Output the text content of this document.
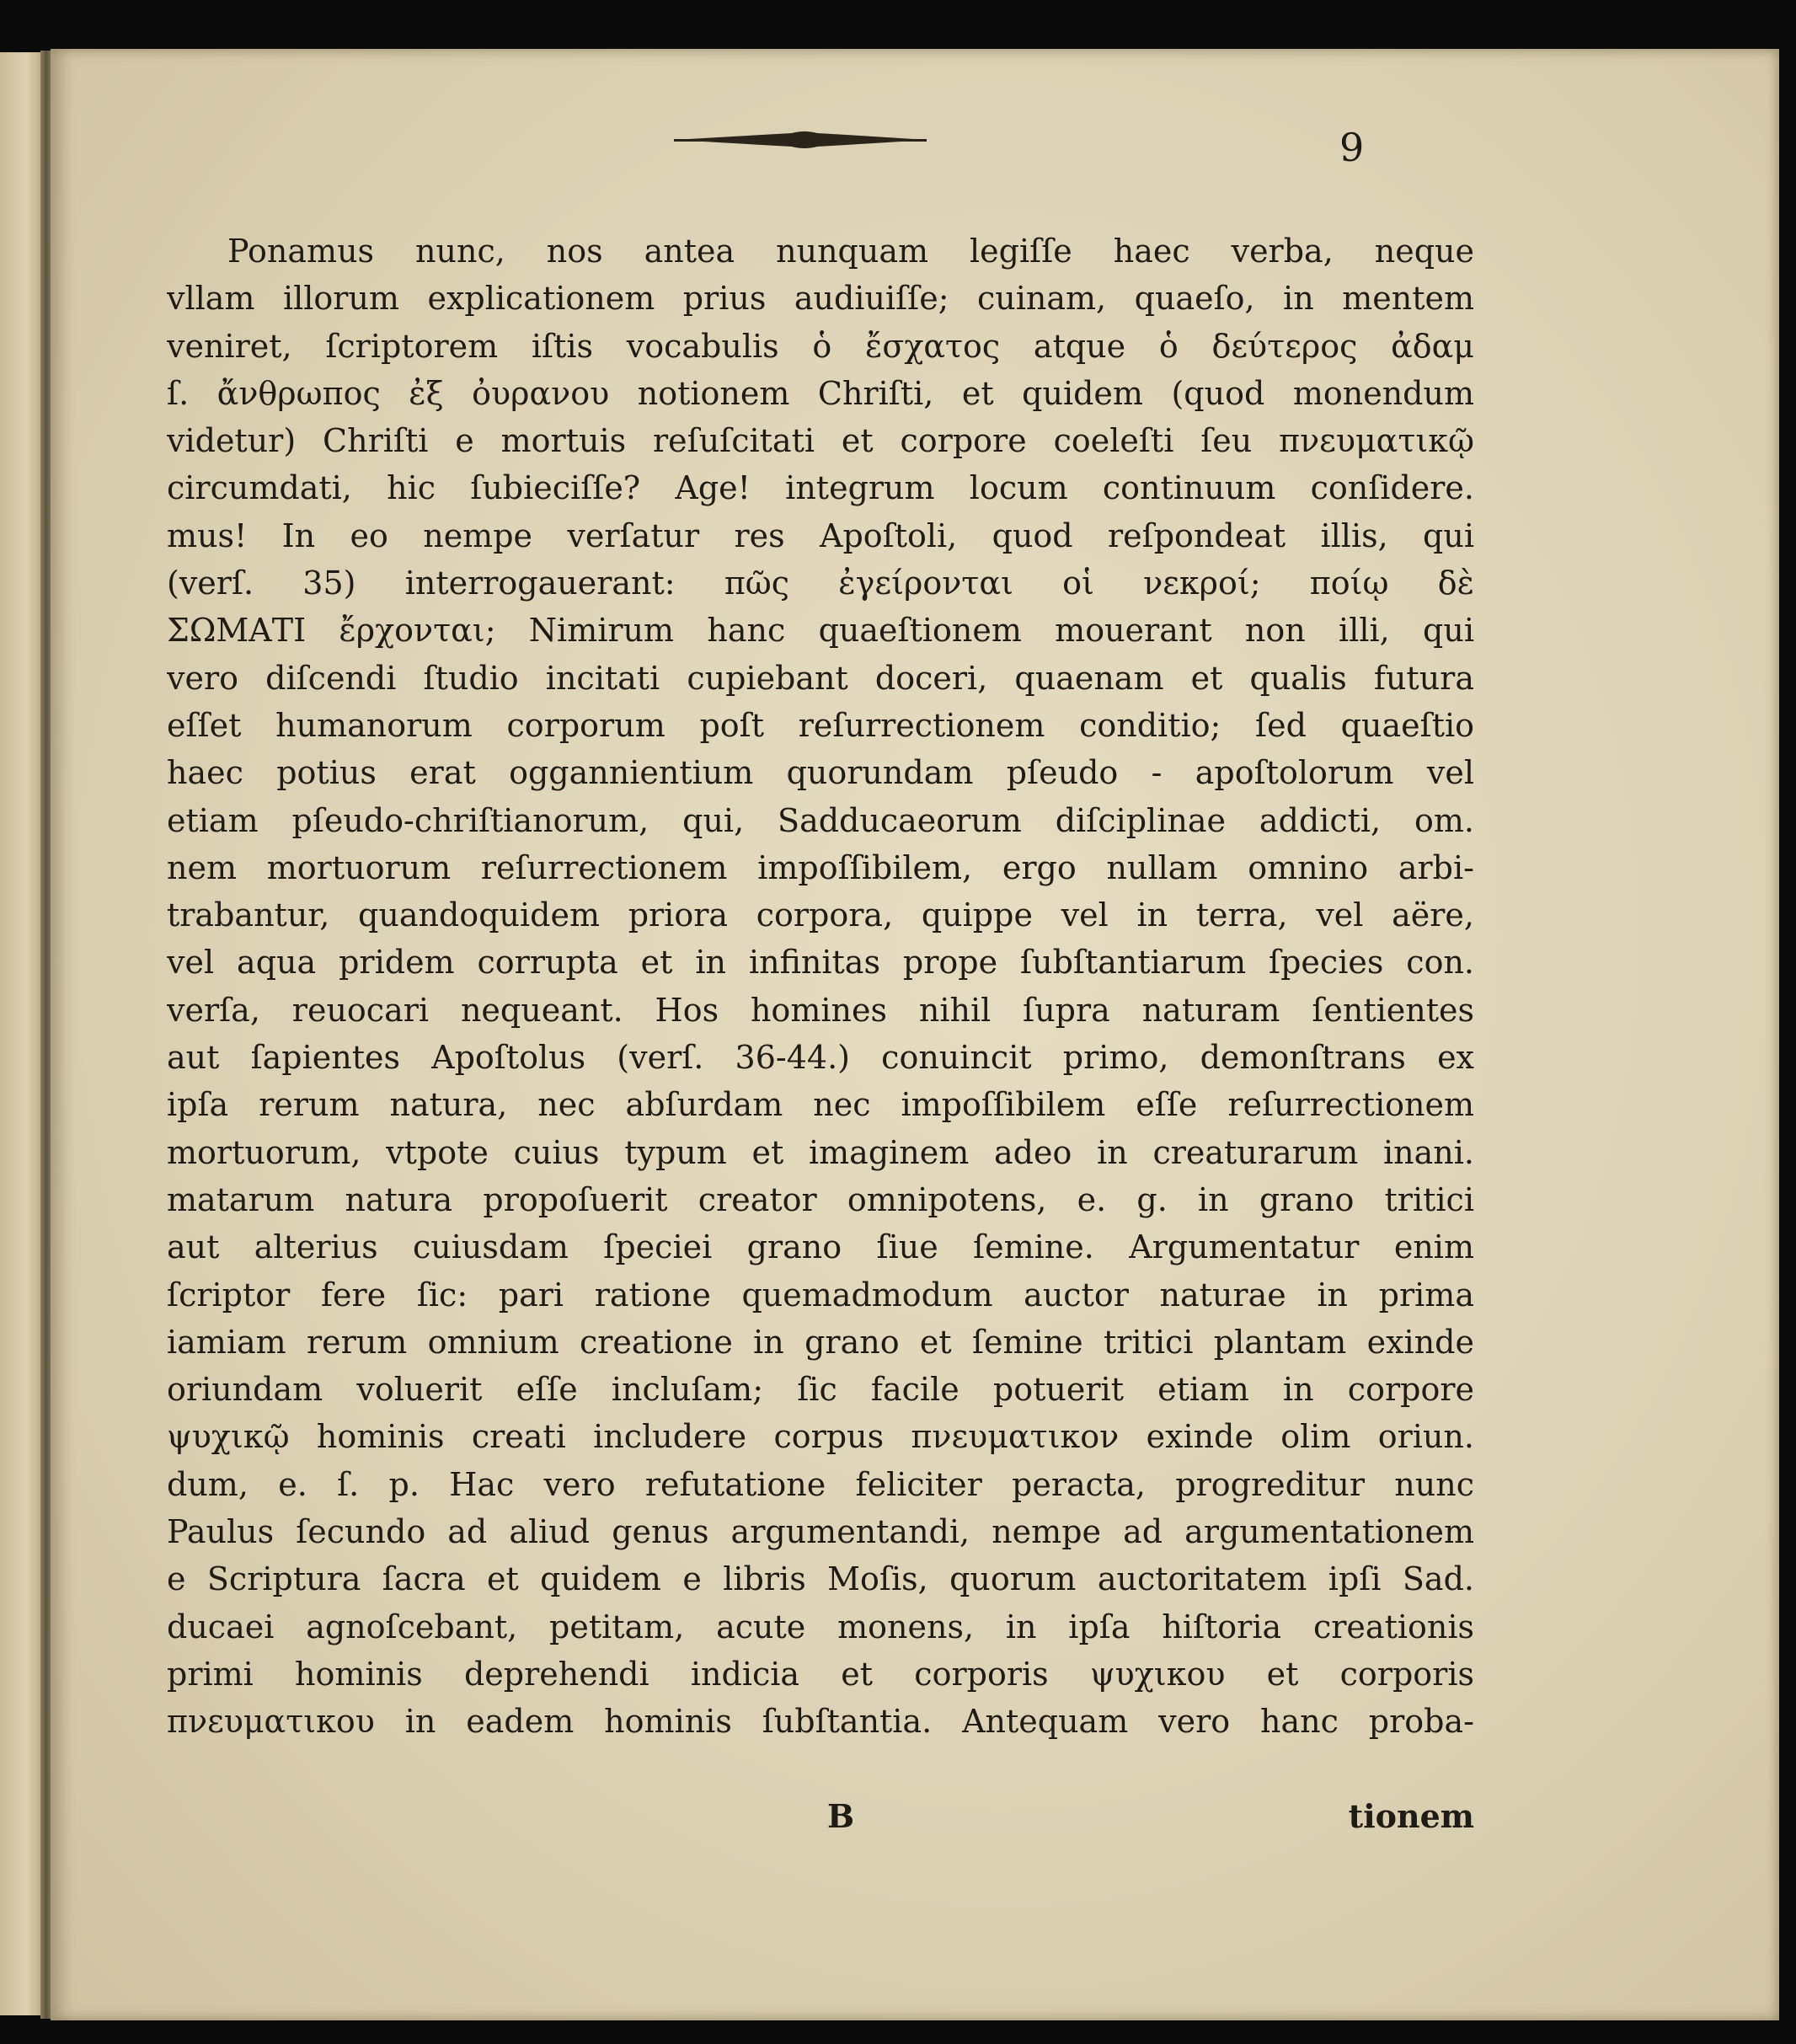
9
Ponamus nunc, nos antea nunquam legiſſe haec verba, neque
vllam illorum explicationem prius audiuiſſe; cuinam, quaeſo, in mentem
veniret, ſcriptorem iſtis vocabulis ὁ ἔσχατος atque ὁ δεύτερος ἀδαμ
ſ. ἄνθρωπος ἐξ ὀυρανου notionem Chriſti, et quidem (quod monendum
videtur) Chriſti e mortuis reſuſcitati et corpore coeleſti ſeu πνευματικῷ
circumdati, hic ſubieciſſe? Age! integrum locum continuum conſidere.
mus! In eo nempe verſatur res Apoſtoli, quod reſpondeat illis, qui
(verſ. 35) interrogauerant: πῶς ἐγείρονται οἱ νεκροί; ποίῳ δὲ
ΣΩΜΑΤΙ ἔρχονται; Nimirum hanc quaeſtionem mouerant non illi, qui
vero diſcendi ſtudio incitati cupiebant doceri, quaenam et qualis futura
eſſet humanorum corporum poſt reſurrectionem conditio; ſed quaeſtio
haec potius erat oggannientium quorundam pſeudo - apoſtolorum vel
etiam pſeudo-chriſtianorum, qui, Sadducaeorum diſciplinae addicti, om.
nem mortuorum reſurrectionem impoſſibilem, ergo nullam omnino arbi-
trabantur, quandoquidem priora corpora, quippe vel in terra, vel aëre,
vel aqua pridem corrupta et in infinitas prope ſubſtantiarum ſpecies con.
verſa, reuocari nequeant. Hos homines nihil ſupra naturam ſentientes
aut ſapientes Apoſtolus (verſ. 36-44.) conuincit primo, demonſtrans ex
ipſa rerum natura, nec abſurdam nec impoſſibilem eſſe reſurrectionem
mortuorum, vtpote cuius typum et imaginem adeo in creaturarum inani.
matarum natura propoſuerit creator omnipotens, e. g. in grano tritici
aut alterius cuiusdam ſpeciei grano ſiue ſemine. Argumentatur enim
ſcriptor fere ſic: pari ratione quemadmodum auctor naturae in prima
iamiam rerum omnium creatione in grano et ſemine tritici plantam exinde
oriundam voluerit eſſe incluſam; ſic facile potuerit etiam in corpore
ψυχικῷ hominis creati includere corpus πνευματικον exinde olim oriun.
dum, e. ſ. p. Hac vero refutatione feliciter peracta, progreditur nunc
Paulus ſecundo ad aliud genus argumentandi, nempe ad argumentationem
e Scriptura ſacra et quidem e libris Moſis, quorum auctoritatem ipſi Sad.
ducaei agnoſcebant, petitam, acute monens, in ipſa hiſtoria creationis
primi hominis deprehendi indicia et corporis ψυχικου et corporis
πνευματικου in eadem hominis ſubſtantia. Antequam vero hanc proba-
B	tionem
